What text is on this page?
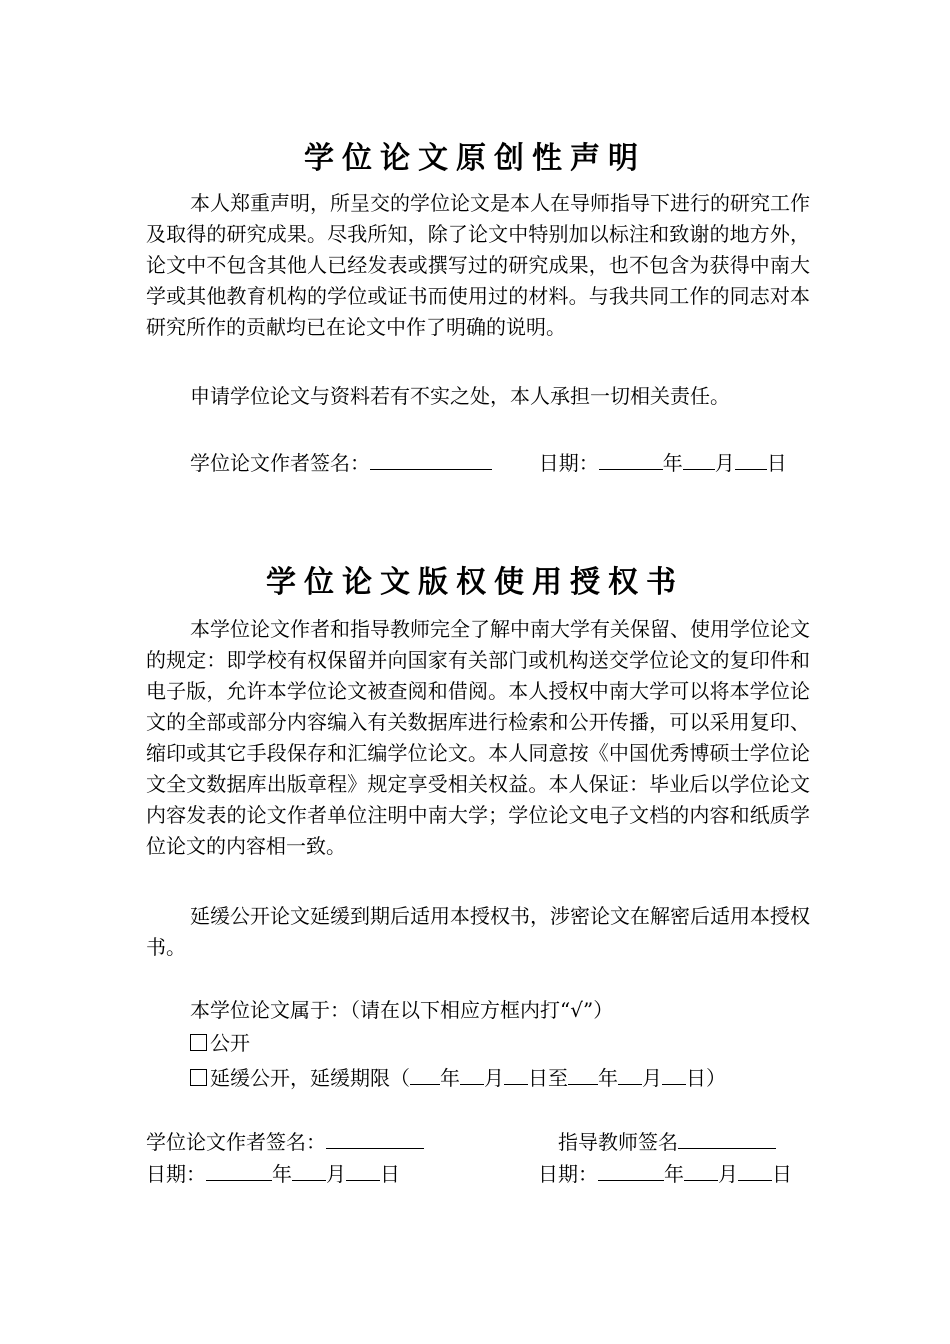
学位论文原创性声明

本人郑重声明，所呈交的学位论文是本人在导师指导下进行的研究工作及取得的研究成果。尽我所知，除了论文中特别加以标注和致谢的地方外，论文中不包含其他人已经发表或撰写过的研究成果，也不包含为获得中南大学或其他教育机构的学位或证书而使用过的材料。与我共同工作的同志对本研究所作的贡献均已在论文中作了明确的说明。

申请学位论文与资料若有不实之处，本人承担一切相关责任。

学位论文作者签名：	日期：	年 月 日
学位论文版权使用授权书

本学位论文作者和指导教师完全了解中南大学有关保留、使用学位论文的规定：即学校有权保留并向国家有关部门或机构送交学位论文的复印件和电子版，允许本学位论文被查阅和借阅。本人授权中南大学可以将本学位论文的全部或部分内容编入有关数据库进行检索和公开传播，可以采用复印、缩印或其它手段保存和汇编学位论文。本人同意按《中国优秀博硕士学位论文全文数据库出版章程》规定享受相关权益。本人保证：毕业后以学位论文内容发表的论文作者单位注明中南大学；学位论文电子文档的内容和纸质学位论文的内容相一致。

延缓公开论文延缓到期后适用本授权书，涉密论文在解密后适用本授权书。

本学位论文属于：（请在以下相应方框内打“√”）
公开
延缓公开，延缓期限（ 年 月 日至 年 月 日）
学位论文作者签名：	指导教师签名
日期：	年 月 日	日期：	年 月 日
